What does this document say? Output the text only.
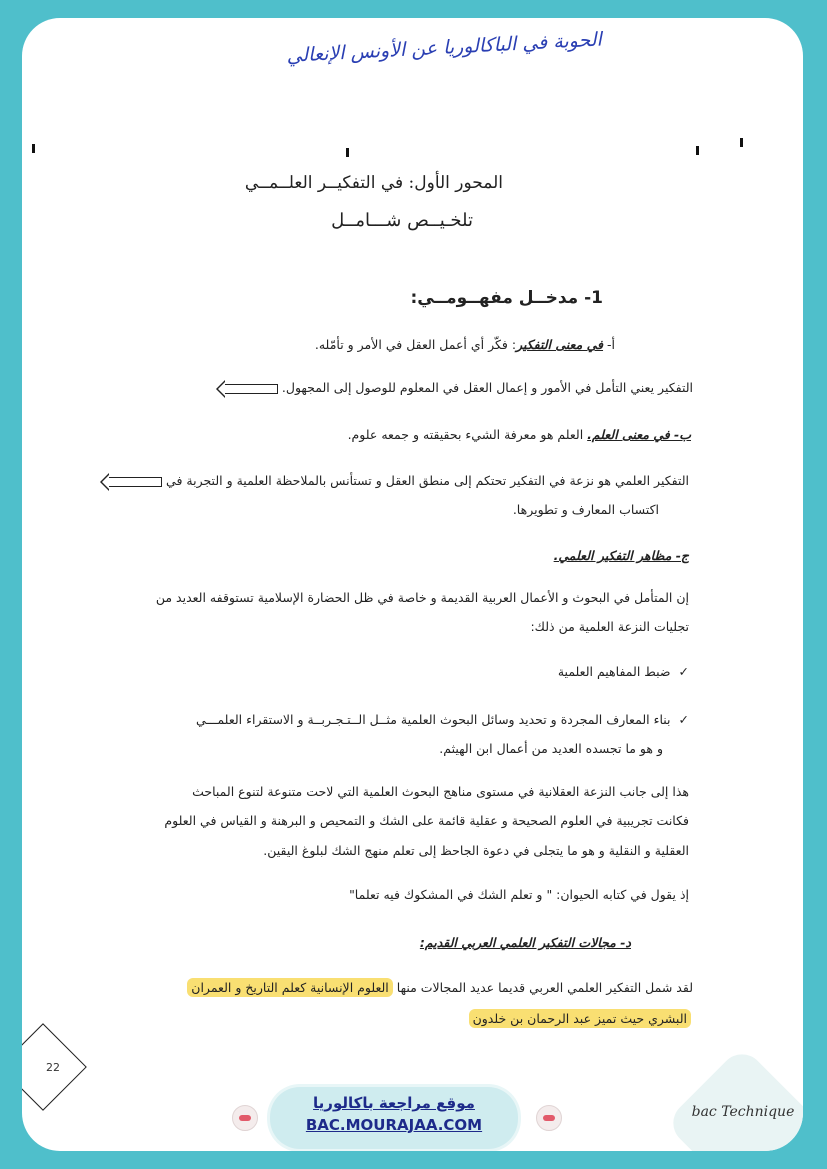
الحوبة في الباكالوريا عن الأونس الإنعالي
المحور الأول: في التفكيــر العلــمــي
تلخـيــص شـــامــل
1- مدخــل مفهــومــي:
أ- في معنى التفكير: فكّر أي أعمل العقل في الأمر و تأمّله.
التفكير يعني التأمل في الأمور و إعمال العقل في المعلوم للوصول إلى المجهول.
ب- في معنى العلم. العلم هو معرفة الشيء بحقيقته و جمعه علوم.
التفكير العلمي هو نزعة في التفكير تحتكم إلى منطق العقل و تستأنس بالملاحظة العلمية و التجربة في
اكتساب المعارف و تطويرها.
ج- مظاهر التفكير العلمي.
إن المتأمل في البحوث و الأعمال العربية القديمة و خاصة في ظل الحضارة الإسلامية تستوقفه العديد من
تجليات النزعة العلمية من ذلك:
✓ضبط المفاهيم العلمية
✓بناء المعارف المجردة و تحديد وسائل البحوث العلمية مثــل الــتـجـربــة و الاستقراء العلمـــي
و هو ما تجسده العديد من أعمال ابن الهيثم.
هذا إلى جانب النزعة العقلانية في مستوى مناهج البحوث العلمية التي لاحت متنوعة لتنوع المباحث
فكانت تجريبية في العلوم الصحيحة و عقلية قائمة على الشك و التمحيص و البرهنة و القياس في العلوم
العقلية و النقلية و هو ما يتجلى في دعوة الجاحظ إلى تعلم منهج الشك لبلوغ اليقين.
إذ يقول في كتابه الحيوان: " و تعلم الشك في المشكوك فيه تعلما"
د- مجالات التفكير العلمي العربي القديم:
لقد شمل التفكير العلمي العربي قديما عديد المجالات منها العلوم الإنسانية كعلم التاريخ و العمران
البشري حيث تميز عبد الرحمان بن خلدون
22
موقع مراجعة باكالوريا
BAC.MOURAJAA.COM
bac Technique
